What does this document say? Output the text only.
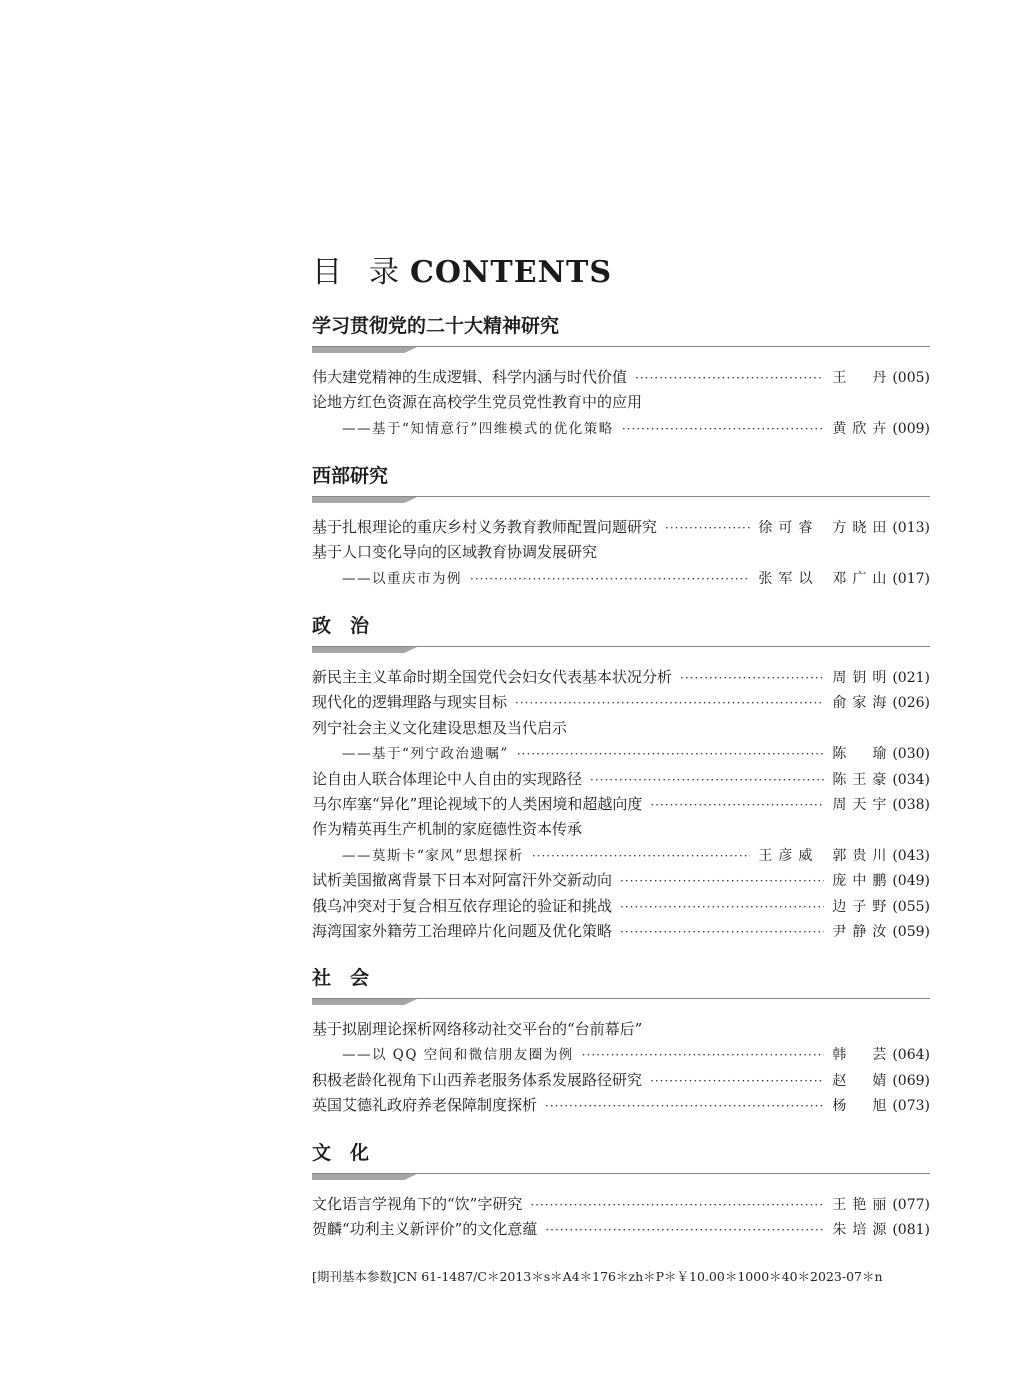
目 录 CONTENTS
学习贯彻党的二十大精神研究
伟大建党精神的生成逻辑、科学内涵与时代价值 ·····	王　丹 (005)
论地方红色资源在高校学生党员党性教育中的应用
——基于“知情意行”四维模式的优化策略 ·····	黄欣卉 (009)
西部研究
基于扎根理论的重庆乡村义务教育教师配置问题研究 ·····	徐可睿 方晓田 (013)
基于人口变化导向的区域教育协调发展研究
——以重庆市为例 ·····	张军以 邓广山 (017)
政　治
新民主主义革命时期全国党代会妇女代表基本状况分析 ·····	周钥明 (021)
现代化的逻辑理路与现实目标 ·····	俞家海 (026)
列宁社会主义文化建设思想及当代启示
——基于“列宁政治遗嘱” ·····	陈　瑜 (030)
论自由人联合体理论中人自由的实现路径 ·····	陈王豪 (034)
马尔库塞“异化”理论视域下的人类困境和超越向度 ·····	周天宇 (038)
作为精英再生产机制的家庭德性资本传承
——莫斯卡“家风”思想探析 ·····	王彦威 郭贵川 (043)
试析美国撤离背景下日本对阿富汗外交新动向 ·····	庞中鹏 (049)
俄乌冲突对于复合相互依存理论的验证和挑战 ·····	边子野 (055)
海湾国家外籍劳工治理碎片化问题及优化策略 ·····	尹静汝 (059)
社　会
基于拟剧理论探析网络移动社交平台的“台前幕后”
——以 QQ 空间和微信朋友圈为例 ·····	韩　芸 (064)
积极老龄化视角下山西养老服务体系发展路径研究 ·····	赵　婧 (069)
英国艾德礼政府养老保障制度探析 ·····	杨　旭 (073)
文　化
文化语言学视角下的“饮”字研究 ·····	王艳丽 (077)
贺麟“功利主义新评价”的文化意蕴 ·····	朱培源 (081)
[期刊基本参数]CN 61-1487/C＊2013＊s＊A4＊176＊zh＊P＊￥10.00＊1000＊40＊2023-07＊n
